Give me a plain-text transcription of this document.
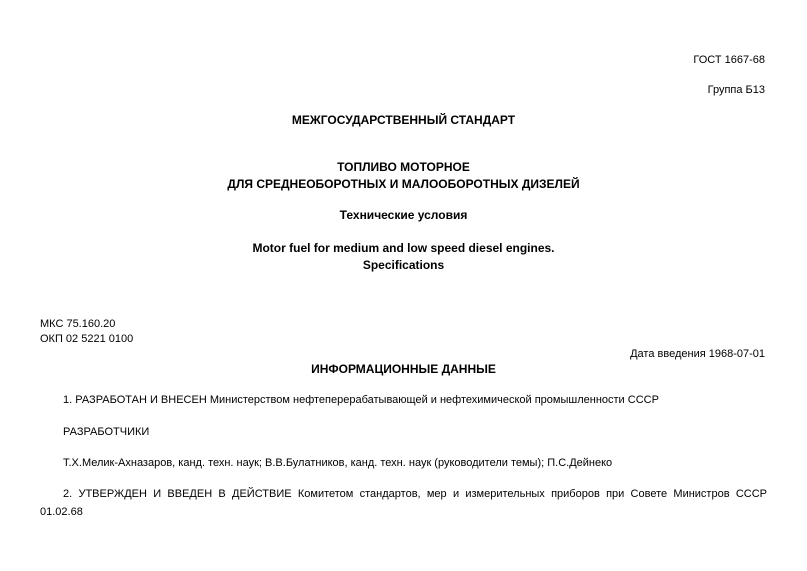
ГОСТ 1667-68
Группа Б13
МЕЖГОСУДАРСТВЕННЫЙ СТАНДАРТ
ТОПЛИВО МОТОРНОЕ
ДЛЯ СРЕДНЕОБОРОТНЫХ И МАЛООБОРОТНЫХ ДИЗЕЛЕЙ
Технические условия
Motor fuel for medium and low speed diesel engines.
Specifications
МКС 75.160.20
ОКП 02 5221 0100
Дата введения 1968-07-01
ИНФОРМАЦИОННЫЕ ДАННЫЕ
1. РАЗРАБОТАН И ВНЕСЕН Министерством нефтеперерабатывающей и нефтехимической промышленности СССР
РАЗРАБОТЧИКИ
Т.Х.Мелик-Ахназаров, канд. техн. наук; В.В.Булатников, канд. техн. наук (руководители темы); П.С.Дейнеко
2. УТВЕРЖДЕН И ВВЕДЕН В ДЕЙСТВИЕ Комитетом стандартов, мер и измерительных приборов при Совете Министров СССР 01.02.68
